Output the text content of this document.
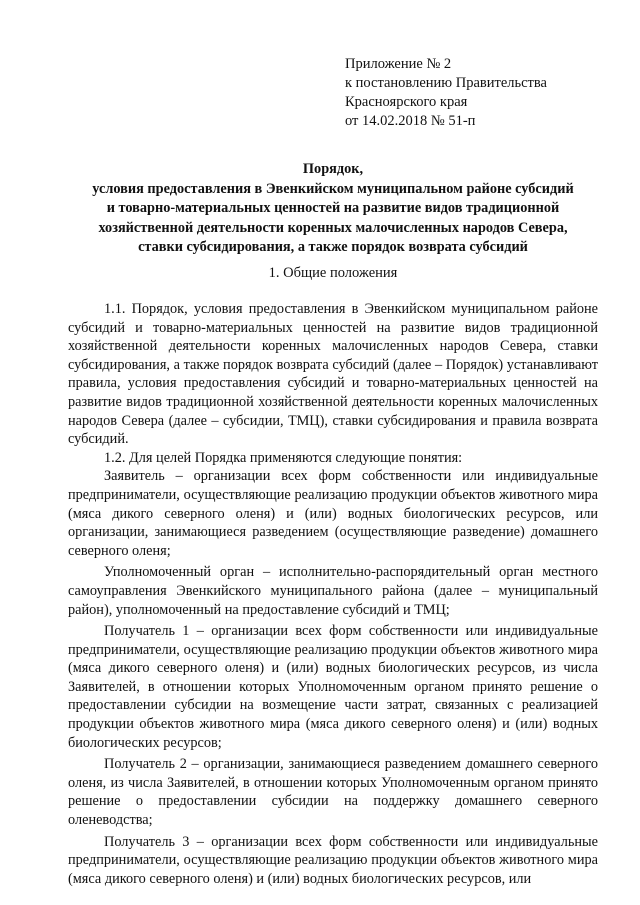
Приложение № 2
к постановлению Правительства
Красноярского края
от 14.02.2018 № 51-п
Порядок,
условия предоставления в Эвенкийском муниципальном районе субсидий
и товарно-материальных ценностей на развитие видов традиционной
хозяйственной деятельности коренных малочисленных народов Севера,
ставки субсидирования, а также порядок возврата субсидий
1. Общие положения

1.1. Порядок, условия предоставления в Эвенкийском муниципальном районе субсидий и товарно-материальных ценностей на развитие видов традиционной хозяйственной деятельности коренных малочисленных народов Севера, ставки субсидирования, а также порядок возврата субсидий (далее – Порядок) устанавливают правила, условия предоставления субсидий и товарно-материальных ценностей на развитие видов традиционной хозяйственной деятельности коренных малочисленных народов Севера (далее – субсидии, ТМЦ), ставки субсидирования и правила возврата субсидий.

1.2. Для целей Порядка применяются следующие понятия:

Заявитель – организации всех форм собственности или индивидуальные предприниматели, осуществляющие реализацию продукции объектов животного мира (мяса дикого северного оленя) и (или) водных биологических ресурсов, или организации, занимающиеся разведением (осуществляющие разведение) домашнего северного оленя;

Уполномоченный орган – исполнительно-распорядительный орган местного самоуправления Эвенкийского муниципального района (далее – муниципальный район), уполномоченный на предоставление субсидий и ТМЦ;

Получатель 1 – организации всех форм собственности или индивидуальные предприниматели, осуществляющие реализацию продукции объектов животного мира (мяса дикого северного оленя) и (или) водных биологических ресурсов, из числа Заявителей, в отношении которых Уполномоченным органом принято решение о предоставлении субсидии на возмещение части затрат, связанных с реализацией продукции объектов животного мира (мяса дикого северного оленя) и (или) водных биологических ресурсов;

Получатель 2 – организации, занимающиеся разведением домашнего северного оленя, из числа Заявителей, в отношении которых Уполномоченным органом принято решение о предоставлении субсидии на поддержку домашнего северного оленеводства;

Получатель 3 – организации всех форм собственности или индивидуальные предприниматели, осуществляющие реализацию продукции объектов животного мира (мяса дикого северного оленя) и (или) водных биологических ресурсов, или
